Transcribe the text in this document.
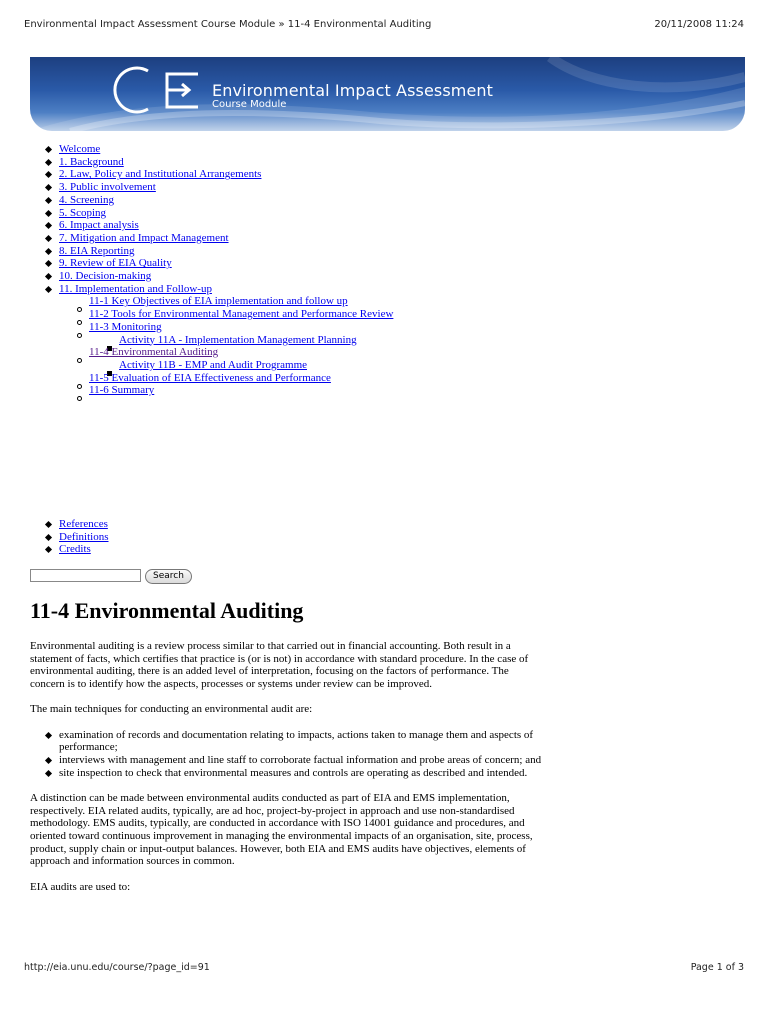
Environmental Impact Assessment Course Module » 11-4 Environmental Auditing	20/11/2008 11:24
Environmental Impact Assessment
Course Module
Welcome
1. Background
2. Law, Policy and Institutional Arrangements
3. Public involvement
4. Screening
5. Scoping
6. Impact analysis
7. Mitigation and Impact Management
8. EIA Reporting
9. Review of EIA Quality
10. Decision-making
11. Implementation and Follow-up
11-1 Key Objectives of EIA implementation and follow up
11-2 Tools for Environmental Management and Performance Review
11-3 Monitoring
Activity 11A - Implementation Management Planning
11-4 Environmental Auditing
Activity 11B - EMP and Audit Programme
11-5 Evaluation of EIA Effectiveness and Performance
11-6 Summary
References
Definitions
Credits
Search
11-4 Environmental Auditing

Environmental auditing is a review process similar to that carried out in financial accounting. Both result in a statement of facts, which certifies that practice is (or is not) in accordance with standard procedure. In the case of environmental auditing, there is an added level of interpretation, focusing on the factors of performance. The concern is to identify how the aspects, processes or systems under review can be improved.

The main techniques for conducting an environmental audit are:

examination of records and documentation relating to impacts, actions taken to manage them and aspects of performance;
interviews with management and line staff to corroborate factual information and probe areas of concern; and
site inspection to check that environmental measures and controls are operating as described and intended.

A distinction can be made between environmental audits conducted as part of EIA and EMS implementation, respectively. EIA related audits, typically, are ad hoc, project-by-project in approach and use non-standardised methodology. EMS audits, typically, are conducted in accordance with ISO 14001 guidance and procedures, and oriented toward continuous improvement in managing the environmental impacts of an organisation, site, process, product, supply chain or input-output balances. However, both EIA and EMS audits have objectives, elements of approach and information sources in common.

EIA audits are used to:

http://eia.unu.edu/course/?page_id=91	Page 1 of 3
